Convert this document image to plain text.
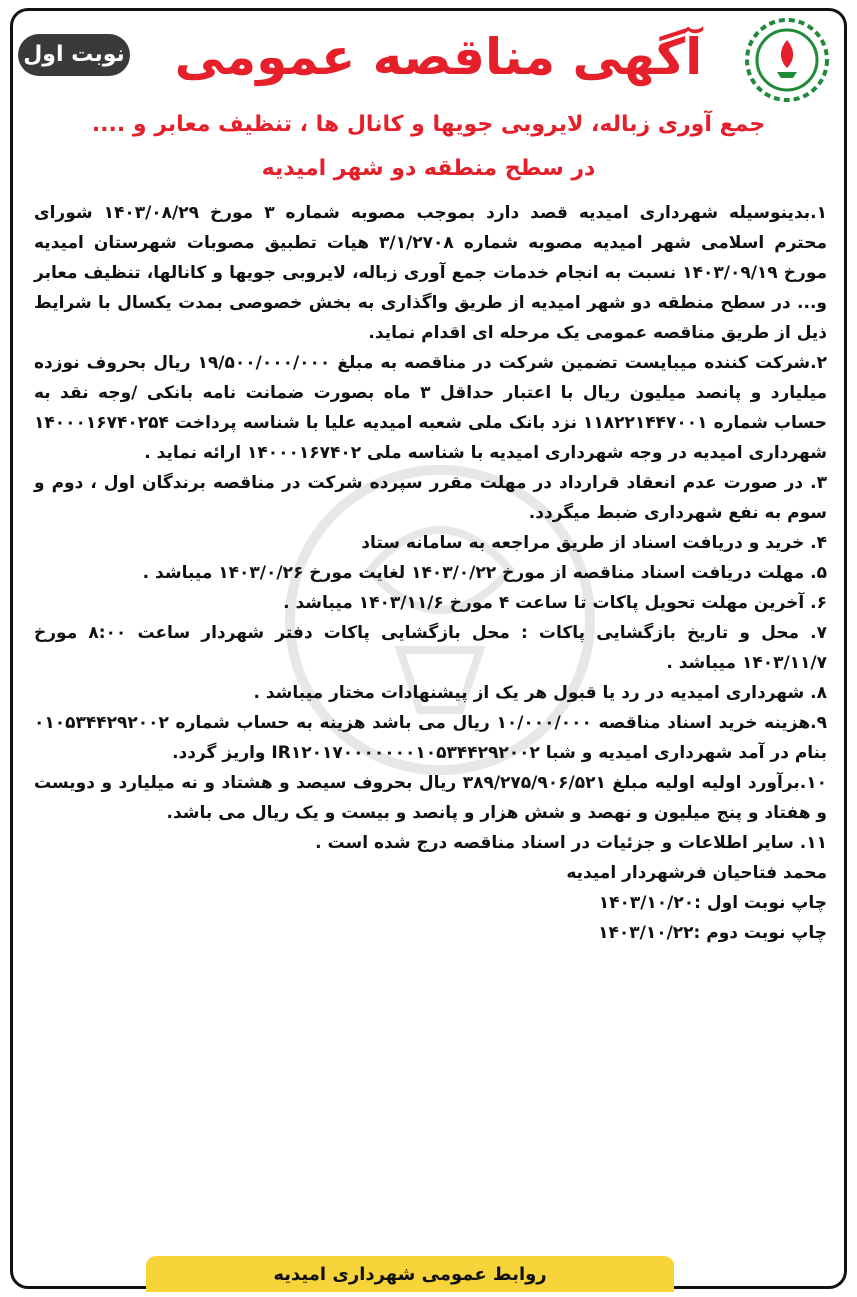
نوبت اول آگهی مناقصه عمومی
جمع آوری زباله، لایروبی جویها و کانال ها ، تنظیف معابر و ....
در سطح منطقه دو شهر امیدیه

۱.بدینوسیله شهرداری امیدیه قصد دارد بموجب مصوبه شماره ۳ مورخ ۱۴۰۳/۰۸/۲۹ شورای محترم اسلامی شهر امیدیه مصوبه شماره ۳/۱/۲۷۰۸ هیات تطبیق مصوبات شهرستان امیدیه مورخ ۱۴۰۳/۰۹/۱۹ نسبت به انجام خدمات جمع آوری زباله، لایروبی جویها و کانالها، تنظیف معابر و... در سطح منطقه دو شهر امیدیه از طریق واگذاری به بخش خصوصی بمدت یکسال با شرایط ذیل از طریق مناقصه عمومی یک مرحله ای اقدام نماید.

۲.شرکت کننده میبایست تضمین شرکت در مناقصه به مبلغ ۱۹/۵۰۰/۰۰۰/۰۰۰ ریال بحروف نوزده میلیارد و پانصد میلیون ریال با اعتبار حداقل ۳ ماه بصورت ضمانت نامه بانکی /وجه نقد به حساب شماره ۱۱۸۲۲۱۴۴۷۰۰۱ نزد بانک ملی شعبه امیدیه علیا با شناسه پرداخت ۱۴۰۰۰۱۶۷۴۰۲۵۴ شهرداری امیدیه در وجه شهرداری امیدیه با شناسه ملی ۱۴۰۰۰۱۶۷۴۰۲ ارائه نماید .

۳. در صورت عدم انعقاد قرارداد در مهلت مقرر سپرده شرکت در مناقصه برندگان اول ، دوم و سوم به نفع شهرداری ضبط میگردد.

۴. خرید و دریافت اسناد از طریق مراجعه به سامانه ستاد

۵. مهلت دریافت اسناد مناقصه از مورخ ۱۴۰۳/۰/۲۲ لغایت مورخ ۱۴۰۳/۰/۲۶ میباشد .

۶. آخرین مهلت تحویل پاکات تا ساعت ۴ مورخ ۱۴۰۳/۱۱/۶ میباشد .

۷. محل و تاریخ بازگشایی پاکات : محل بازگشایی پاکات دفتر شهردار ساعت ۸:۰۰ مورخ ۱۴۰۳/۱۱/۷ میباشد .

۸. شهرداری امیدیه در رد یا قبول هر یک از پیشنهادات مختار میباشد .

۹.هزینه خرید اسناد مناقصه ۱۰/۰۰۰/۰۰۰ ریال می باشد هزینه به حساب شماره ۰۱۰۵۳۴۴۲۹۲۰۰۲ بنام در آمد شهرداری امیدیه و شبا IR۱۲۰۱۷۰۰۰۰۰۰۰۱۰۵۳۴۴۲۹۲۰۰۲ واریز گردد.

۱۰.برآورد اولیه اولیه مبلغ ۳۸۹/۲۷۵/۹۰۶/۵۲۱ ریال بحروف سیصد و هشتاد و نه میلیارد و دویست و هفتاد و پنج میلیون و نهصد و شش هزار و پانصد و بیست و یک ریال می باشد.

۱۱. سایر اطلاعات و جزئیات در اسناد مناقصه درج شده است .

محمد فتاحیان فرشهردار امیدیه

چاپ نوبت اول :۱۴۰۳/۱۰/۲۰

چاپ نوبت دوم :۱۴۰۳/۱۰/۲۲

روابط عمومی شهرداری امیدیه
